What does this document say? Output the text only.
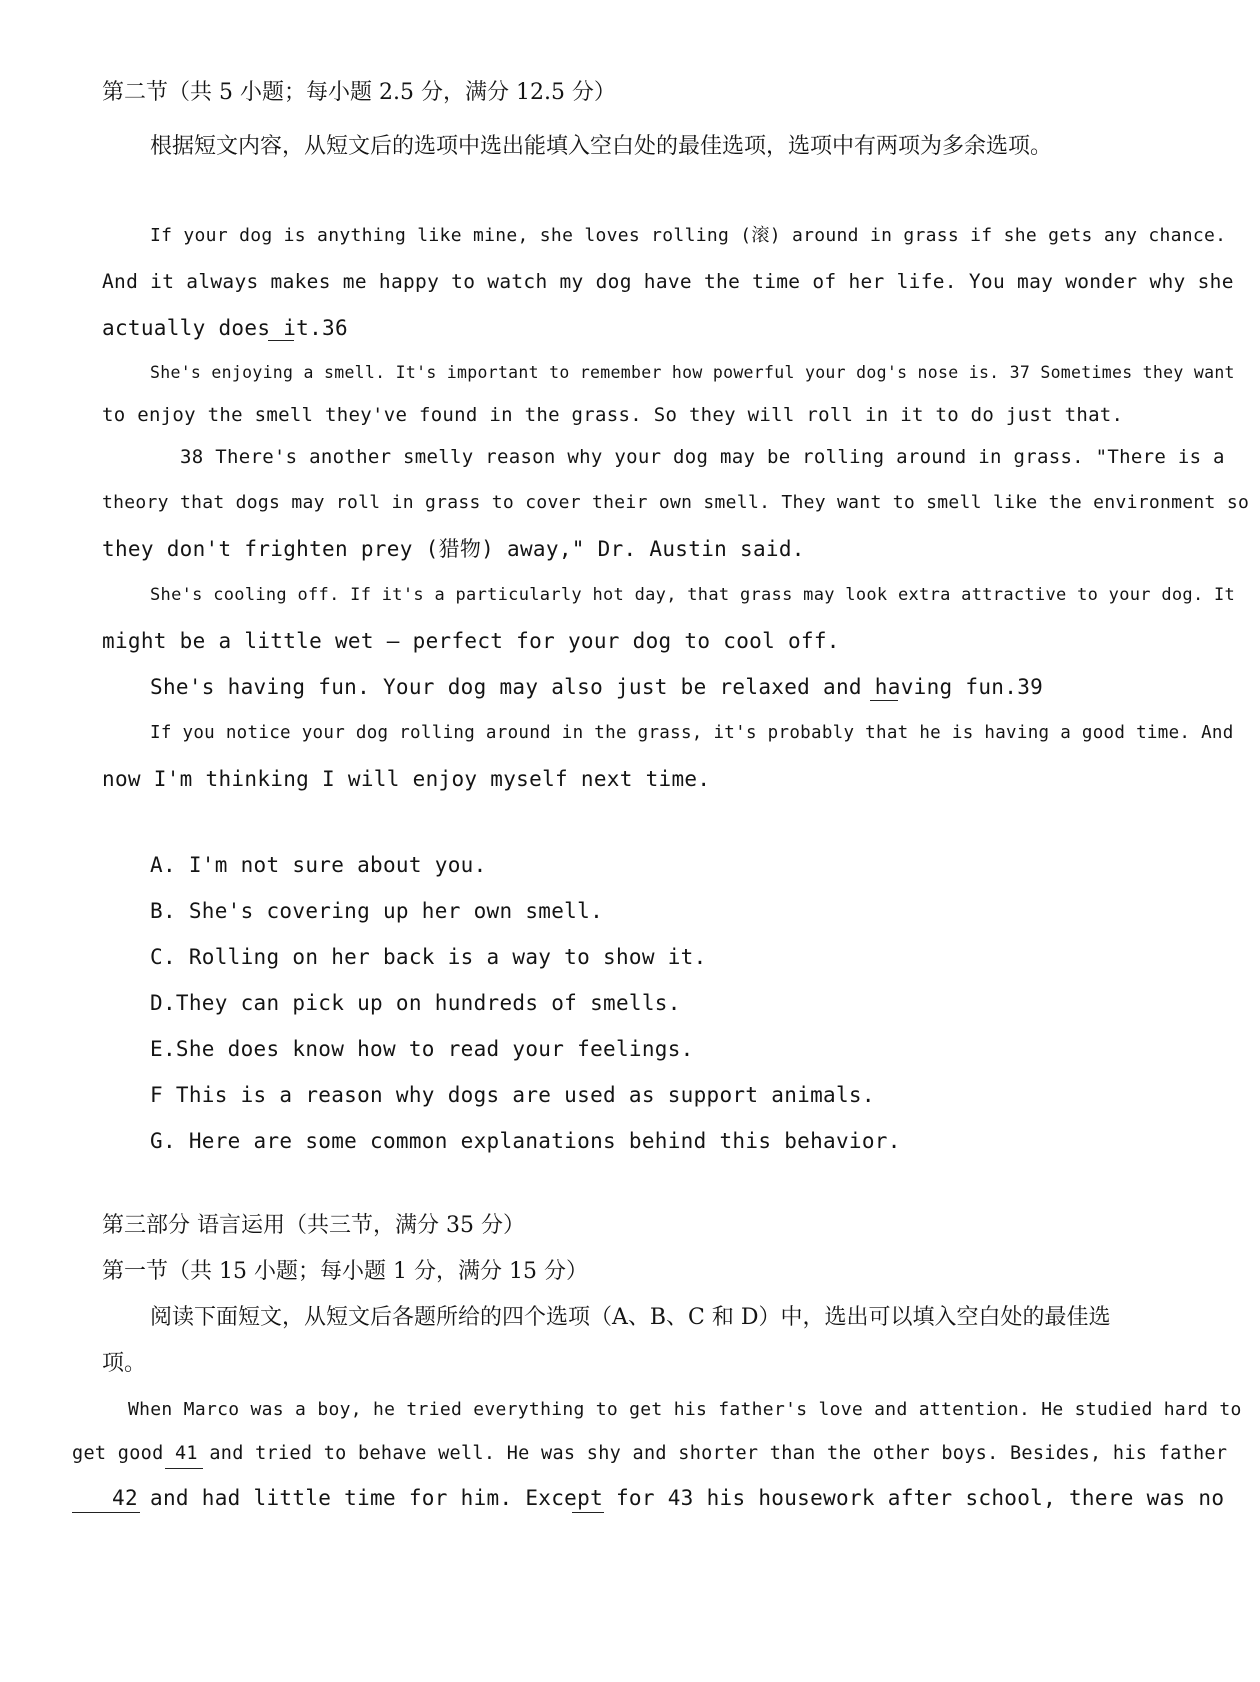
第二节（共 5 小题；每小题 2.5 分，满分 12.5 分）
根据短文内容，从短文后的选项中选出能填入空白处的最佳选项，选项中有两项为多余选项。
If your dog is anything like mine, she loves rolling (滚) around in grass if she gets any chance.
And it always makes me happy to watch my dog have the time of her life. You may wonder why she
actually does it.36
She's enjoying a smell. It's important to remember how powerful your dog's nose is. 37 Sometimes they want
to enjoy the smell they've found in the grass. So they will roll in it to do just that.
38 There's another smelly reason why your dog may be rolling around in grass. "There is a
theory that dogs may roll in grass to cover their own smell. They want to smell like the environment so
they don't frighten prey (猎物) away," Dr. Austin said.
She's cooling off. If it's a particularly hot day, that grass may look extra attractive to your dog. It
might be a little wet — perfect for your dog to cool off.
She's having fun. Your dog may also just be relaxed and having fun.39
If you notice your dog rolling around in the grass, it's probably that he is having a good time. And
now I'm thinking I will enjoy myself next time.
A. I'm not sure about you.
B. She's covering up her own smell.
C. Rolling on her back is a way to show it.
D.They can pick up on hundreds of smells.
E.She does know how to read your feelings.
F This is a reason why dogs are used as support animals.
G. Here are some common explanations behind this behavior.
第三部分 语言运用（共三节，满分 35 分）
第一节（共 15 小题；每小题 1 分，满分 15 分）
阅读下面短文，从短文后各题所给的四个选项（A、B、C 和 D）中，选出可以填入空白处的最佳选
项。
When Marco was a boy, he tried everything to get his father's love and attention. He studied hard to
get good 41 and tried to behave well. He was shy and shorter than the other boys. Besides, his father
42 and had little time for him. Except for 43 his housework after school, there was no
